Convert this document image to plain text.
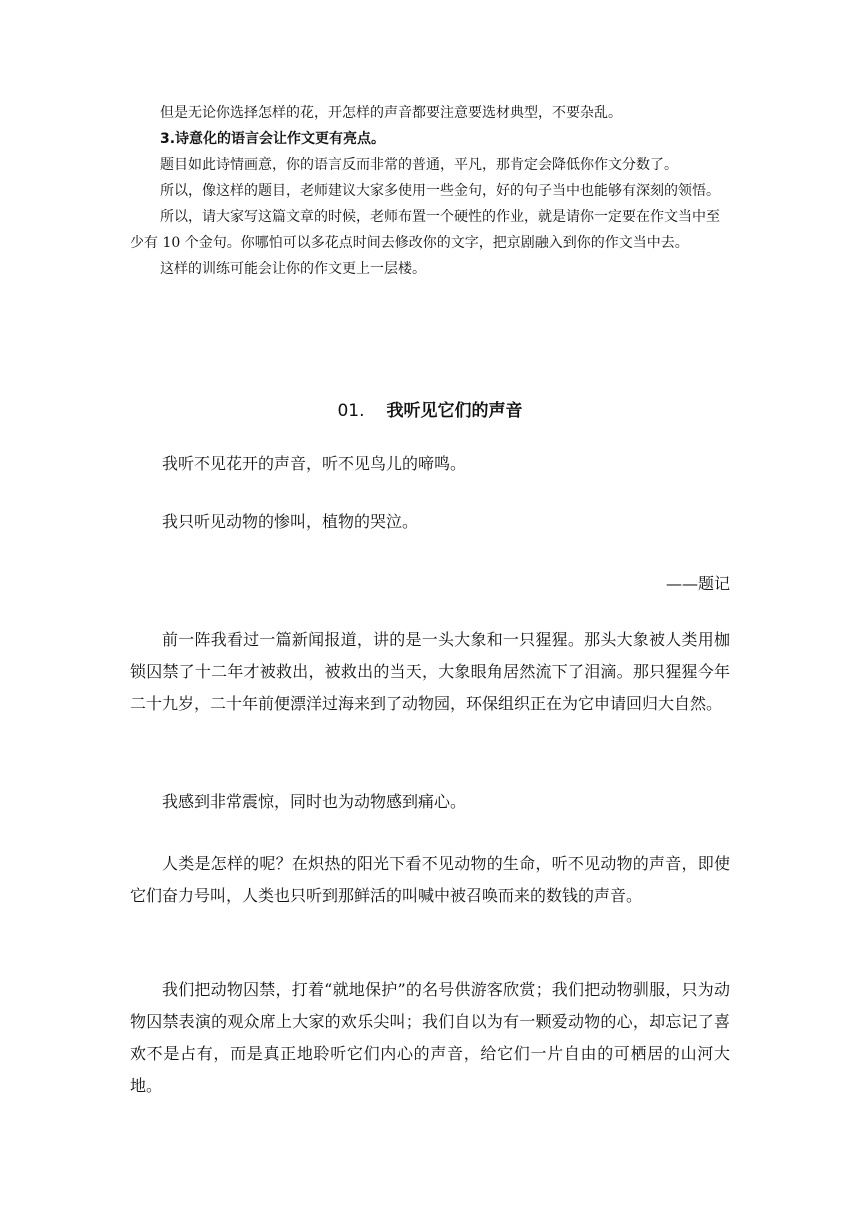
但是无论你选择怎样的花，开怎样的声音都要注意要选材典型，不要杂乱。

3.诗意化的语言会让作文更有亮点。

题目如此诗情画意，你的语言反而非常的普通，平凡，那肯定会降低你作文分数了。

所以，像这样的题目，老师建议大家多使用一些金句，好的句子当中也能够有深刻的领悟。

所以，请大家写这篇文章的时候，老师布置一个硬性的作业，就是请你一定要在作文当中至少有 10 个金句。你哪怕可以多花点时间去修改你的文字，把京剧融入到你的作文当中去。

这样的训练可能会让你的作文更上一层楼。

01. 我听见它们的声音

我听不见花开的声音，听不见鸟儿的啼鸣。

我只听见动物的惨叫，植物的哭泣。

——题记

前一阵我看过一篇新闻报道，讲的是一头大象和一只猩猩。那头大象被人类用枷锁囚禁了十二年才被救出，被救出的当天，大象眼角居然流下了泪滴。那只猩猩今年二十九岁，二十年前便漂洋过海来到了动物园，环保组织正在为它申请回归大自然。

我感到非常震惊，同时也为动物感到痛心。

人类是怎样的呢？在炽热的阳光下看不见动物的生命，听不见动物的声音，即使它们奋力号叫，人类也只听到那鲜活的叫喊中被召唤而来的数钱的声音。

我们把动物囚禁，打着“就地保护”的名号供游客欣赏；我们把动物驯服，只为动物囚禁表演的观众席上大家的欢乐尖叫；我们自以为有一颗爱动物的心，却忘记了喜欢不是占有，而是真正地聆听它们内心的声音，给它们一片自由的可栖居的山河大地。
